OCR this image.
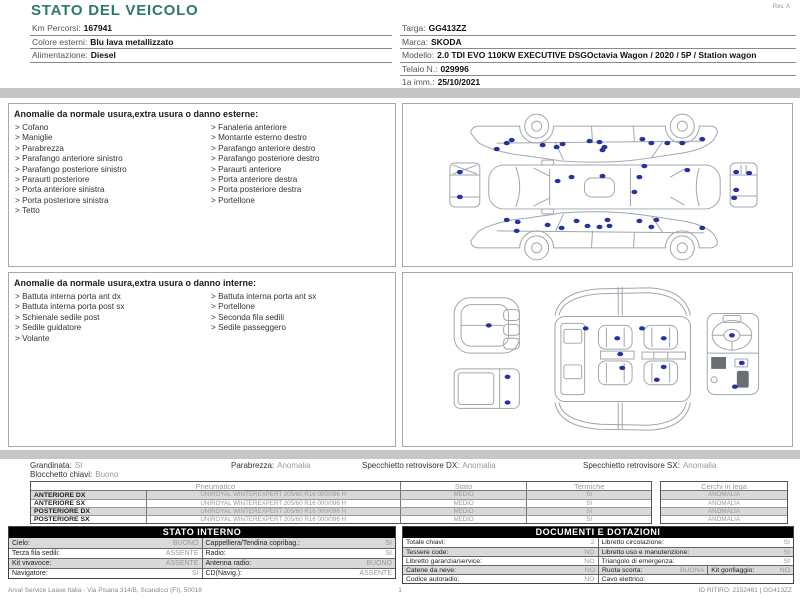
STATO DEL VEICOLO	Rev. A
Km Percorsi: 167941
Colore esterni: Blu lava metallizzato
Alimentazione: Diesel
Targa: GG413ZZ
Marca: SKODA
Modello: 2.0 TDI EVO 110KW EXECUTIVE DSGOctavia Wagon / 2020 / 5P / Station wagon
Telaio N.: 029996
1a imm.: 25/10/2021
Anomalie da normale usura,extra usura o danno esterne:
> Cofano
> Maniglie
> Parabrezza
> Parafango anteriore sinistro
> Parafango posteriore sinistro
> Paraurti posteriore
> Porta anteriore sinistra
> Porta posteriore sinistra
> Tetto
> Fanaleria anteriore
> Montante esterno destro
> Parafango anteriore destro
> Parafango posteriore destro
> Paraurti anteriore
> Porta anteriore destra
> Porta posteriore destra
> Portellone
Anomalie da normale usura,extra usura o danno interne:
> Battuta interna porta ant dx
> Battuta interna porta post sx
> Schienale sedile post
> Sedile guidatore
> Volante
> Battuta interna porta ant sx
> Portellone
> Seconda fila sedili
> Sedile passeggero
Grandinata: SI	Parabrezza: Anomalia	Specchietto retrovisore DX: Anomalia	Specchietto retrovisore SX: Anomalia
Blocchetto chiavi: Buono
Pneumatico	Stato	Termiche
ANTERIORE DX	UNIROYAL WINTEREXPERT 205/60 R16 000/096 H	MEDIO	SI
ANTERIORE SX	UNIROYAL WINTEREXPERT 205/60 R16 000/096 H	MEDIO	SI
POSTERIORE DX	UNIROYAL WINTEREXPERT 205/60 R16 000/096 H	MEDIO	SI
POSTERIORE SX	UNIROYAL WINTEREXPERT 205/60 R16 000/096 H	MEDIO	SI
Cerchi in lega
ANOMALIA
ANOMALIA
ANOMALIA
ANOMALIA
STATO INTERNO
Cielo:	BUONO Cappelliera/Tendina copribag.:	SI
Terza fila sedili:	ASSENTE Radio:	SI
Kit vivavoce:	ASSENTE Antenna radio:	BUONO
Navigatore:	SI CD(Navig.):	ASSENTE
DOCUMENTI E DOTAZIONI
Totale chiavi:	2 Libretto circolazione:	SI
Tessere code:	NO Libretto uso e manutenzione:	SI
Libretto garanzia/service:	NO Triangolo di emergenza:	SI
Catene da neve:	NO Ruota scorta:	BUONA Kit gonfiaggio:	NO
Codice autoradio:	NO Cavo elettrico:
Arval Service Lease Italia - Via Pisana 314/B, Scandicci (FI), 50018	1	ID RITIRO: 2152461 | GG413ZZ
